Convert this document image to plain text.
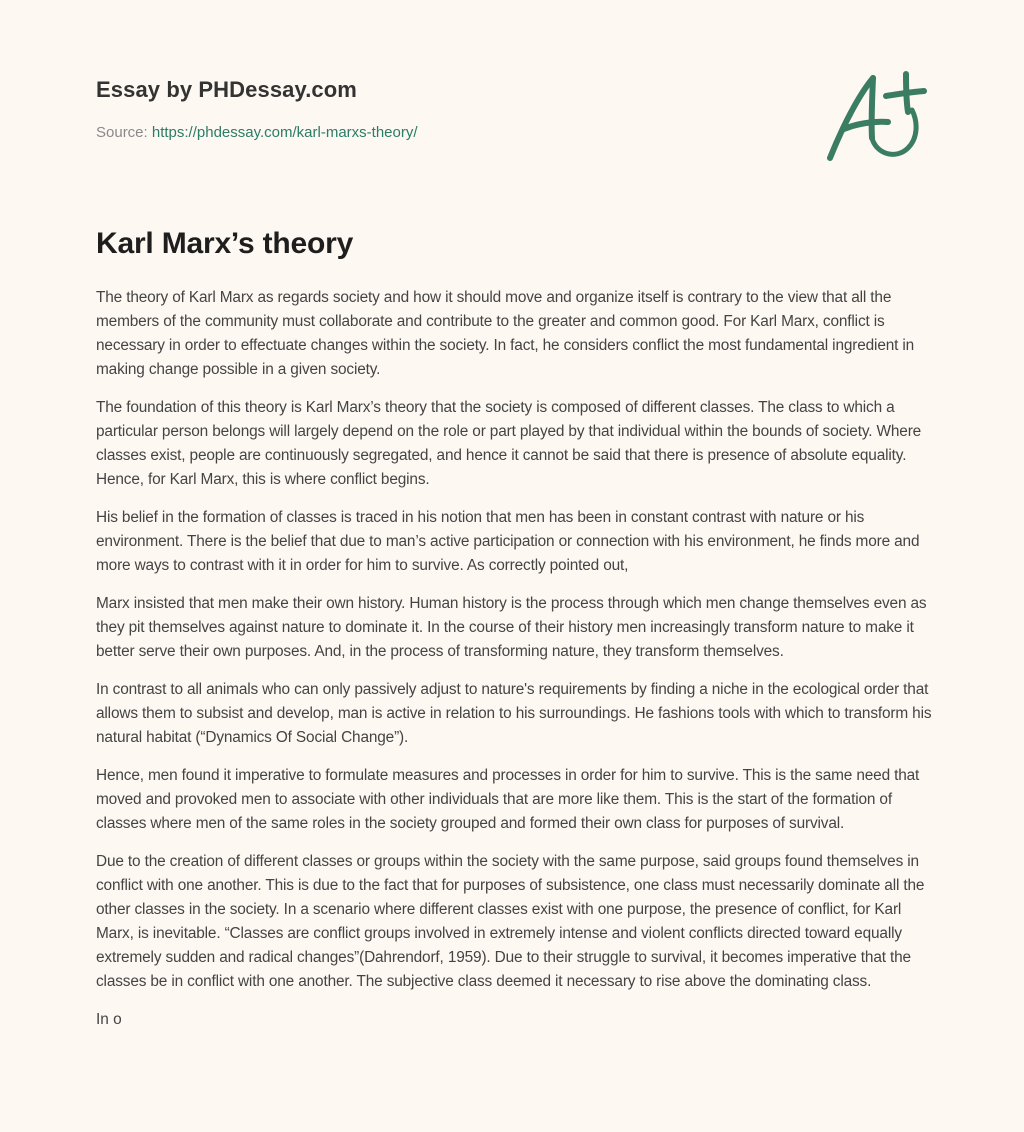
Essay by PHDessay.com
Source: https://phdessay.com/karl-marxs-theory/
Karl Marx’s theory

The theory of Karl Marx as regards society and how it should move and organize itself is contrary to the view that all the members of the community must collaborate and contribute to the greater and common good. For Karl Marx, conflict is necessary in order to effectuate changes within the society. In fact, he considers conflict the most fundamental ingredient in making change possible in a given society.

The foundation of this theory is Karl Marx’s theory that the society is composed of different classes. The class to which a particular person belongs will largely depend on the role or part played by that individual within the bounds of society. Where classes exist, people are continuously segregated, and hence it cannot be said that there is presence of absolute equality. Hence, for Karl Marx, this is where conflict begins.

His belief in the formation of classes is traced in his notion that men has been in constant contrast with nature or his environment. There is the belief that due to man’s active participation or connection with his environment, he finds more and more ways to contrast with it in order for him to survive. As correctly pointed out,

Marx insisted that men make their own history. Human history is the process through which men change themselves even as they pit themselves against nature to dominate it. In the course of their history men increasingly transform nature to make it better serve their own purposes. And, in the process of transforming nature, they transform themselves.

In contrast to all animals who can only passively adjust to nature's requirements by finding a niche in the ecological order that allows them to subsist and develop, man is active in relation to his surroundings. He fashions tools with which to transform his natural habitat (“Dynamics Of Social Change”).

Hence, men found it imperative to formulate measures and processes in order for him to survive. This is the same need that moved and provoked men to associate with other individuals that are more like them. This is the start of the formation of classes where men of the same roles in the society grouped and formed their own class for purposes of survival.

Due to the creation of different classes or groups within the society with the same purpose, said groups found themselves in conflict with one another. This is due to the fact that for purposes of subsistence, one class must necessarily dominate all the other classes in the society. In a scenario where different classes exist with one purpose, the presence of conflict, for Karl Marx, is inevitable. “Classes are conflict groups involved in extremely intense and violent conflicts directed toward equally extremely sudden and radical changes”(Dahrendorf, 1959). Due to their struggle to survival, it becomes imperative that the classes be in conflict with one another. The subjective class deemed it necessary to rise above the dominating class.

In o
